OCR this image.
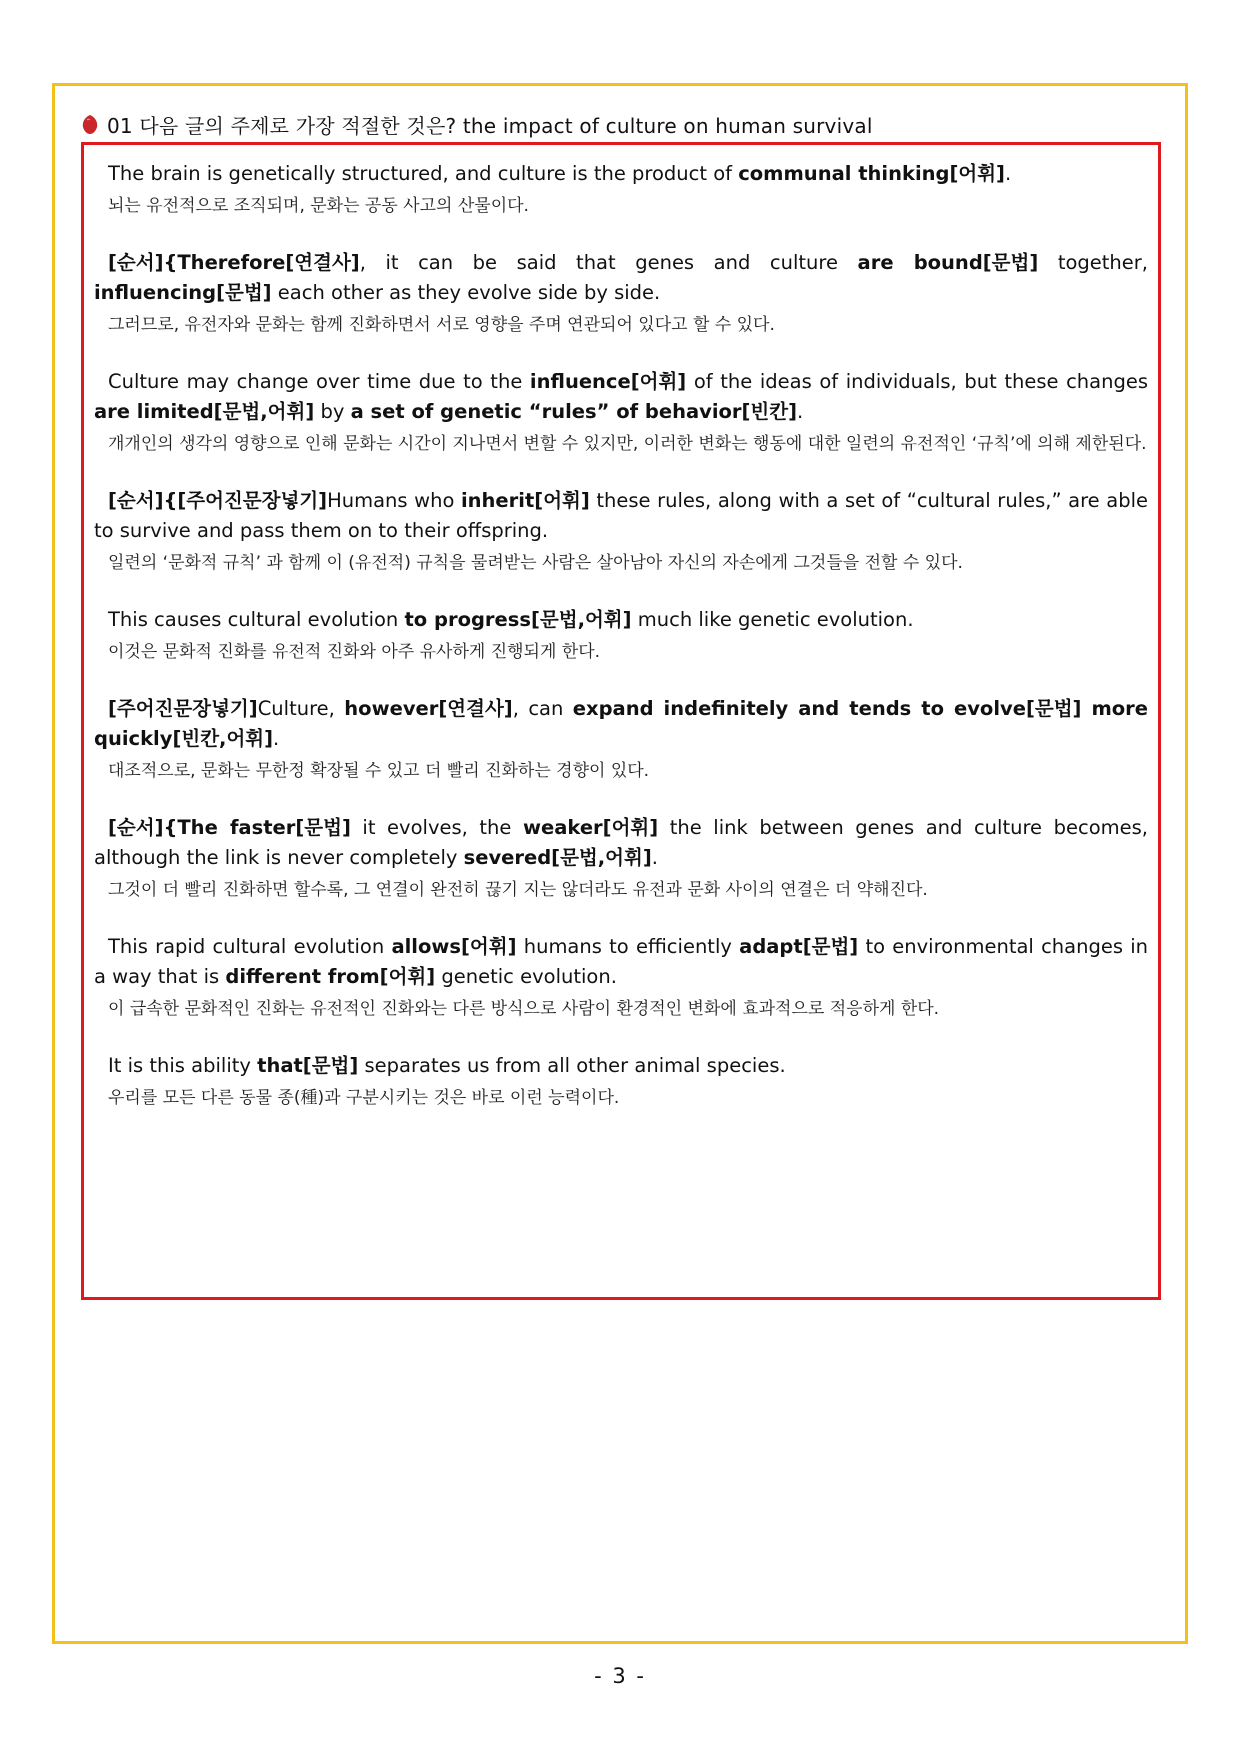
01 다음 글의 주제로 가장 적절한 것은? the impact of culture on human survival

The brain is genetically structured, and culture is the product of communal thinking[어휘].

뇌는 유전적으로 조직되며, 문화는 공동 사고의 산물이다.

[순서]{Therefore[연결사], it can be said that genes and culture are bound[문법] together, influencing[문법] each other as they evolve side by side.

그러므로, 유전자와 문화는 함께 진화하면서 서로 영향을 주며 연관되어 있다고 할 수 있다.

Culture may change over time due to the influence[어휘] of the ideas of individuals, but these changes are limited[문법,어휘] by a set of genetic “rules” of behavior[빈칸].

개개인의 생각의 영향으로 인해 문화는 시간이 지나면서 변할 수 있지만, 이러한 변화는 행동에 대한 일련의 유전적인 ‘규칙’에 의해 제한된다.

[순서]{[주어진문장넣기]Humans who inherit[어휘] these rules, along with a set of “cultural rules,” are able to survive and pass them on to their offspring.

일련의 ‘문화적 규칙’ 과 함께 이 (유전적) 규칙을 물려받는 사람은 살아남아 자신의 자손에게 그것들을 전할 수 있다.

This causes cultural evolution to progress[문법,어휘] much like genetic evolution.

이것은 문화적 진화를 유전적 진화와 아주 유사하게 진행되게 한다.

[주어진문장넣기]Culture, however[연결사], can expand indefinitely and tends to evolve[문법] more quickly[빈칸,어휘].

대조적으로, 문화는 무한정 확장될 수 있고 더 빨리 진화하는 경향이 있다.

[순서]{The faster[문법] it evolves, the weaker[어휘] the link between genes and culture becomes, although the link is never completely severed[문법,어휘].

그것이 더 빨리 진화하면 할수록, 그 연결이 완전히 끊기 지는 않더라도 유전과 문화 사이의 연결은 더 약해진다.

This rapid cultural evolution allows[어휘] humans to efficiently adapt[문법] to environmental changes in a way that is different from[어휘] genetic evolution.

이 급속한 문화적인 진화는 유전적인 진화와는 다른 방식으로 사람이 환경적인 변화에 효과적으로 적응하게 한다.

It is this ability that[문법] separates us from all other animal species.

우리를 모든 다른 동물 종(種)과 구분시키는 것은 바로 이런 능력이다.

- 3 -
